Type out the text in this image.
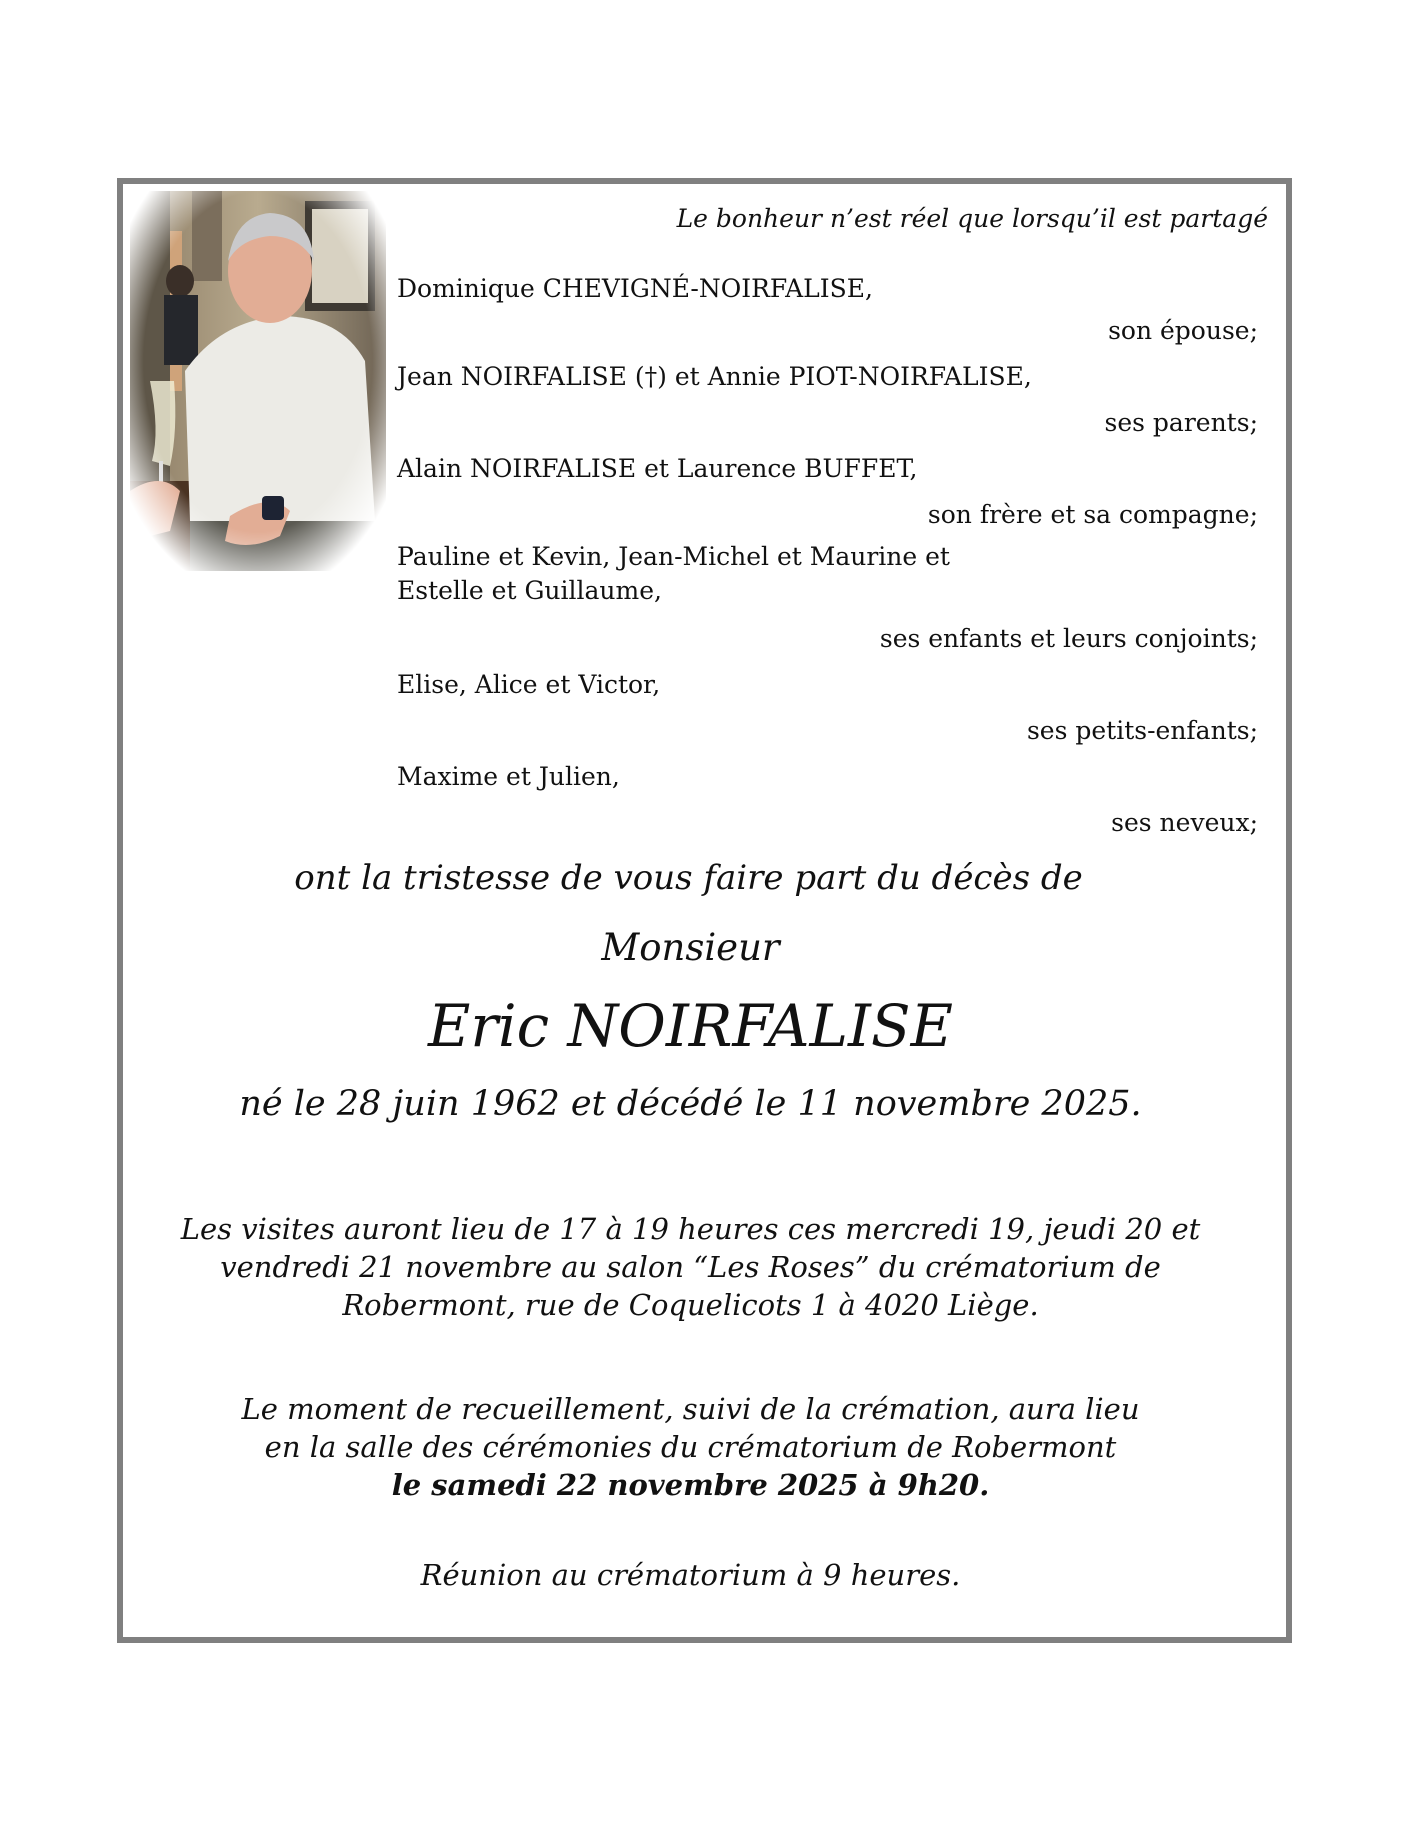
Le bonheur n’est réel que lorsqu’il est partagé
Dominique CHEVIGNÉ-NOIRFALISE,
son épouse;
Jean NOIRFALISE (†) et Annie PIOT-NOIRFALISE,
ses parents;
Alain NOIRFALISE et Laurence BUFFET,
son frère et sa compagne;
Pauline et Kevin, Jean-Michel et Maurine et
Estelle et Guillaume,
ses enfants et leurs conjoints;
Elise, Alice et Victor,
ses petits-enfants;
Maxime et Julien,
ses neveux;
ont la tristesse de vous faire part du décès de
Monsieur
Eric NOIRFALISE
né le 28 juin 1962 et décédé le 11 novembre 2025.
Les visites auront lieu de 17 à 19 heures ces mercredi 19, jeudi 20 et
vendredi 21 novembre au salon “Les Roses” du crématorium de
Robermont, rue de Coquelicots 1 à 4020 Liège.
Le moment de recueillement, suivi de la crémation, aura lieu
en la salle des cérémonies du crématorium de Robermont
le samedi 22 novembre 2025 à 9h20.
Réunion au crématorium à 9 heures.
